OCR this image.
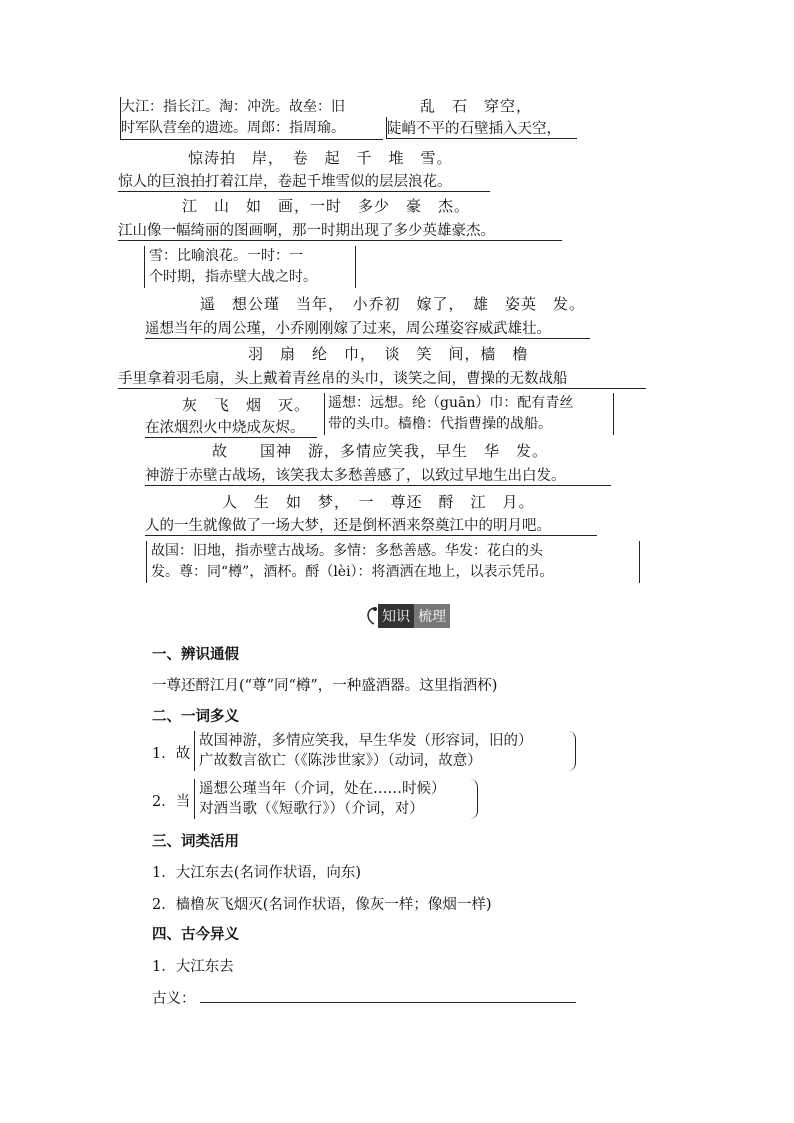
大江：指长江。淘：冲洗。故垒：旧
时军队营垒的遗迹。周郎：指周瑜。
乱　石　穿空，
陡峭不平的石壁插入天空，
惊涛拍　岸，　卷　起　千　堆　雪。
惊人的巨浪拍打着江岸，卷起千堆雪似的层层浪花。
江　山　如　画，一时　多少　豪　杰。
江山像一幅绮丽的图画啊，那一时期出现了多少英雄豪杰。
雪：比喻浪花。一时：一
个时期，指赤壁大战之时。
遥　想公瑾　当年，　小乔初　嫁了，　雄　姿英　发。
遥想当年的周公瑾，小乔刚刚嫁了过来，周公瑾姿容威武雄壮。
羽　扇　纶　巾，　谈　笑　间，樯　橹
手里拿着羽毛扇，头上戴着青丝帛的头巾，谈笑之间，曹操的无数战船
灰　飞　烟　灭。
在浓烟烈火中烧成灰烬。
遥想：远想。纶（guān）巾：配有青丝
带的头巾。樯橹：代指曹操的战船。
故　　国神　游，多情应笑我，早生　华　发。
神游于赤壁古战场，该笑我太多愁善感了，以致过早地生出白发。
人　生　如　梦，　一　尊还　酹　江　月。
人的一生就像做了一场大梦，还是倒杯酒来祭奠江中的明月吧。
故国：旧地，指赤壁古战场。多情：多愁善感。华发：花白的头
发。尊：同“樽”，酒杯。酹（lèi）：将酒洒在地上，以表示凭吊。
知识 梳理
一、辨识通假
一尊还酹江月(“尊”同“樽”，一种盛酒器。这里指酒杯)
二、一词多义
1．故
故国神游，多情应笑我，早生华发（形容词，旧的）
广故数言欲亡（《陈涉世家》）（动词，故意）
2．当
遥想公瑾当年（介词，处在……时候）
对酒当歌（《短歌行》）（介词，对）
三、词类活用
1．大江东去(名词作状语，向东)
2．樯橹灰飞烟灭(名词作状语，像灰一样；像烟一样)
四、古今异义
1．大江东去
古义：
